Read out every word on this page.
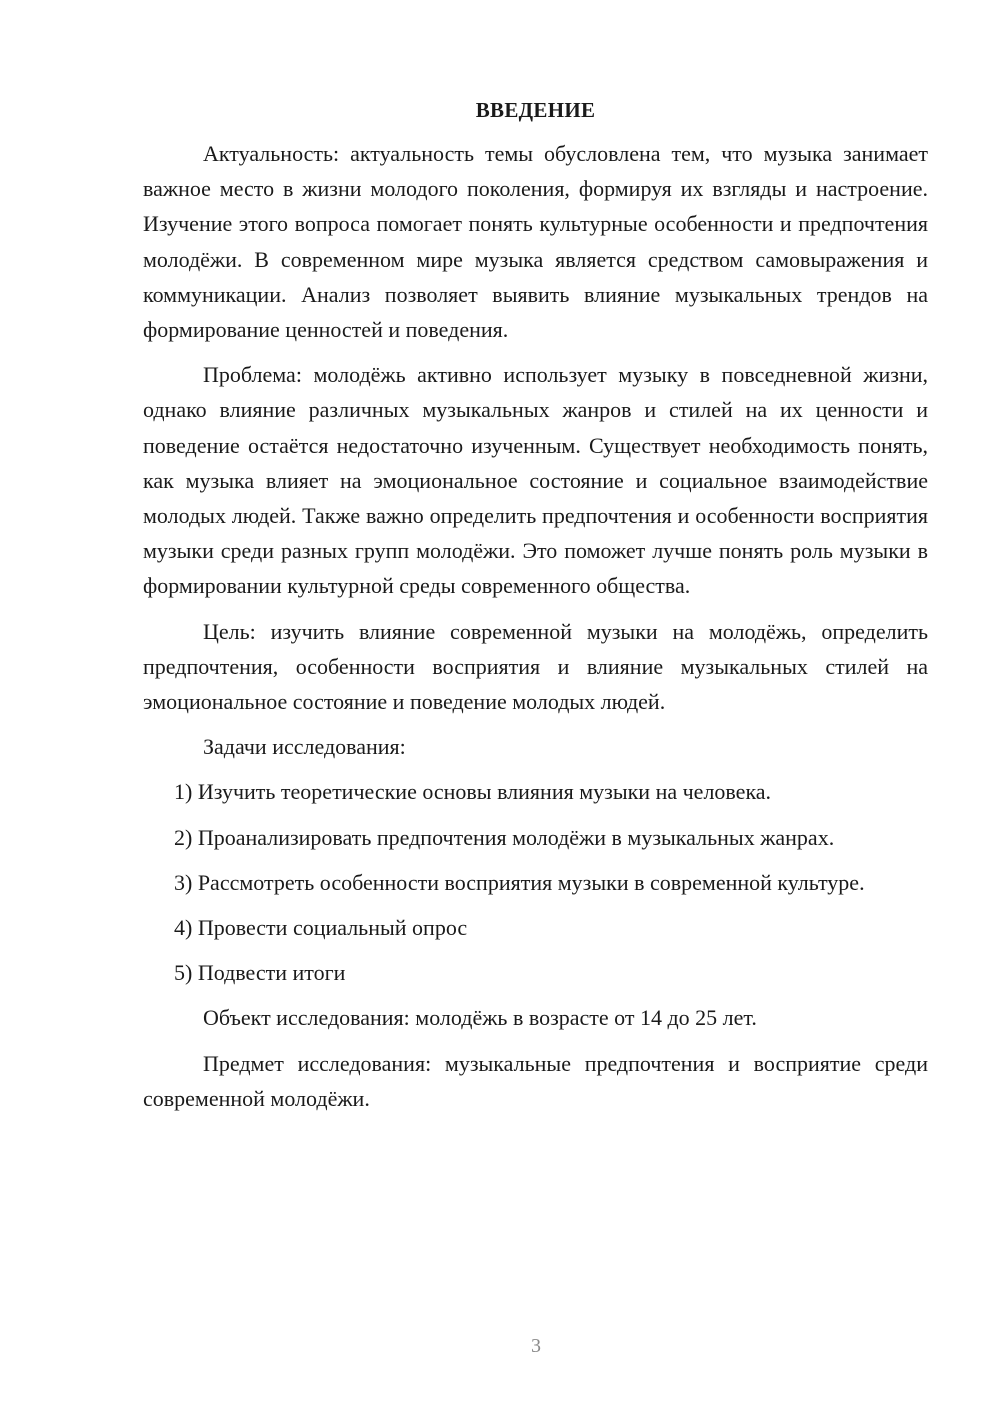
ВВЕДЕНИЕ

Актуальность: актуальность темы обусловлена тем, что музыка занимает важное место в жизни молодого поколения, формируя их взгляды и настроение. Изучение этого вопроса помогает понять культурные особенности и предпочтения молодёжи. В современном мире музыка является средством самовыражения и коммуникации. Анализ позволяет выявить влияние музыкальных трендов на формирование ценностей и поведения.

Проблема: молодёжь активно использует музыку в повседневной жизни, однако влияние различных музыкальных жанров и стилей на их ценности и поведение остаётся недостаточно изученным. Существует необходимость понять, как музыка влияет на эмоциональное состояние и социальное взаимодействие молодых людей. Также важно определить предпочтения и особенности восприятия музыки среди разных групп молодёжи. Это поможет лучше понять роль музыки в формировании культурной среды современного общества.

Цель: изучить влияние современной музыки на молодёжь, определить предпочтения, особенности восприятия и влияние музыкальных стилей на эмоциональное состояние и поведение молодых людей.

Задачи исследования:

1) Изучить теоретические основы влияния музыки на человека.

2) Проанализировать предпочтения молодёжи в музыкальных жанрах.

3) Рассмотреть особенности восприятия музыки в современной культуре.

4) Провести социальный опрос

5) Подвести итоги

Объект исследования: молодёжь в возрасте от 14 до 25 лет.

Предмет исследования: музыкальные предпочтения и восприятие среди современной молодёжи.

3
